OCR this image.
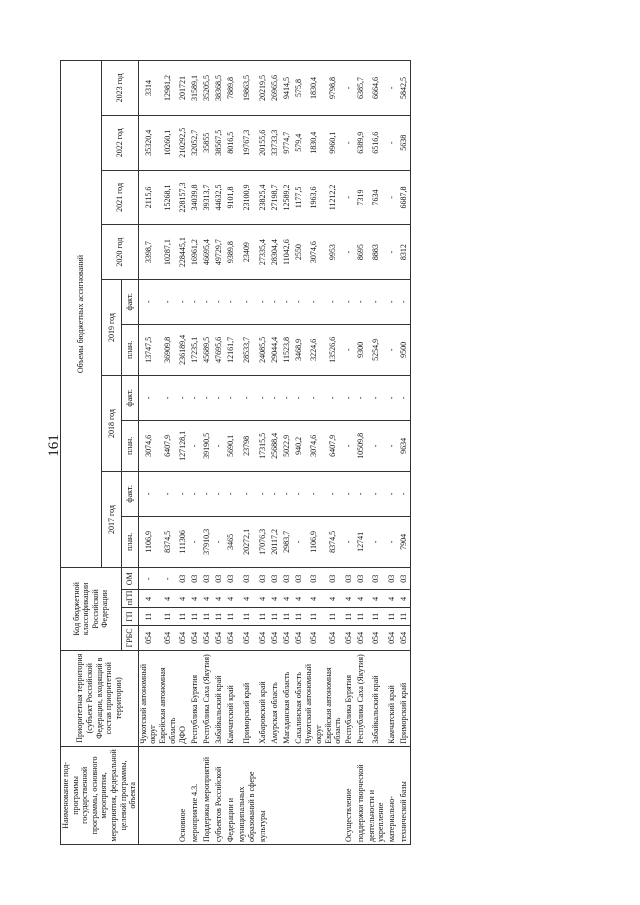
161
Наименование под-программы государственной программы, основного мероприятия, мероприятия, федеральной целевой программы, объекта	Приоритетная территория (субъект Российской Федерации, входящий в состав приоритетной территории)	Код бюджетной классификации Российской Федерации				Объемы бюджетных ассигнований									
						2017 год		2018 год		2019 год		2020 год	2021 год	2022 год	2023 год
		ГРБС	ГП	пГП	ОМ	план.	факт.	план.	факт.	план.	факт.				
	Чукотский автономный округ	054	11	4	-	1106,9	-	3074,6	-	13747,5	-	3398,7	2115,6	35320,4	3314
	Еврейская автономная область	054	11	4	-	8374,5	-	6407,9	-	36909,8	-	10287,1	15268,1	10260,1	12981,2
Основное	ДФО	054	11	4	03	111306	-	127128,1	-	236189,4	-	228445,1	228157,3	210292,5	201721
мероприятие 4.3.	Республика Бурятия	054	11	4	03	-	-	-	-	17235,1	-	16961,2	34039,8	32052,7	31589,1
Поддержка мероприятий	Республика Саха (Якутия)	054	11	4	03	37910,3	-	39190,5	-	45689,5	-	46695,4	39313,7	35855	35205,5
субъектов Российской	Забайкальский край	054	11	4	03	-	-	-	-	47695,6	-	49729,7	44632,5	38567,5	38368,5
Федерации и	Камчатский край	054	11	4	03	3465	-	5690,1	-	12161,7	-	9389,8	9101,8	8016,5	7889,8
муниципальных образований в сфере	Приморский край	054	11	4	03	20272,1	-	23798	-	28533,7	-	23409	23100,9	19767,3	19863,5
культуры	Хабаровский край	054	11	4	03	17076,3	-	17315,5	-	24085,5	-	27335,4	23825,4	20155,6	20219,5
	Амурская область	054	11	4	03	20117,2	-	25688,4	-	29044,4	-	28304,4	27198,7	33733,3	26965,6
	Магаданская область	054	11	4	03	2983,7	-	5022,9	-	11523,8	-	11042,6	12589,2	9774,7	9414,5
	Сахалинская область	054	11	4	03	-	-	940,2	-	3468,9	-	2550	1177,5	579,4	575,8
	Чукотский автономный округ	054	11	4	03	1106,9	-	3074,6	-	3224,6	-	3074,6	1963,6	1830,4	1830,4
	Еврейская автономная область	054	11	4	03	8374,5	-	6407,9	-	13526,6	-	9953	11212,2	9960,1	9798,8
Осуществление	Республика Бурятия	054	11	4	03	-	-	-	-	-	-	-	-	-	-
поддержки творческой	Республика Саха (Якутия)	054	11	4	03	12741	-	10509,8	-	9300	-	8695	7319	6389,9	6385,7
деятельности и укрепление	Забайкальский край	054	11	4	03	-	-	-	-	5254,9	-	8883	7634	6516,6	6664,6
материально-	Камчатский край	054	11	4	03	-	-	-	-	-	-	-	-	-	-
технической базы	Приморский край	054	11	4	03	7904	-	9634	-	9500	-	8312	6687,8	5638	5842,5
